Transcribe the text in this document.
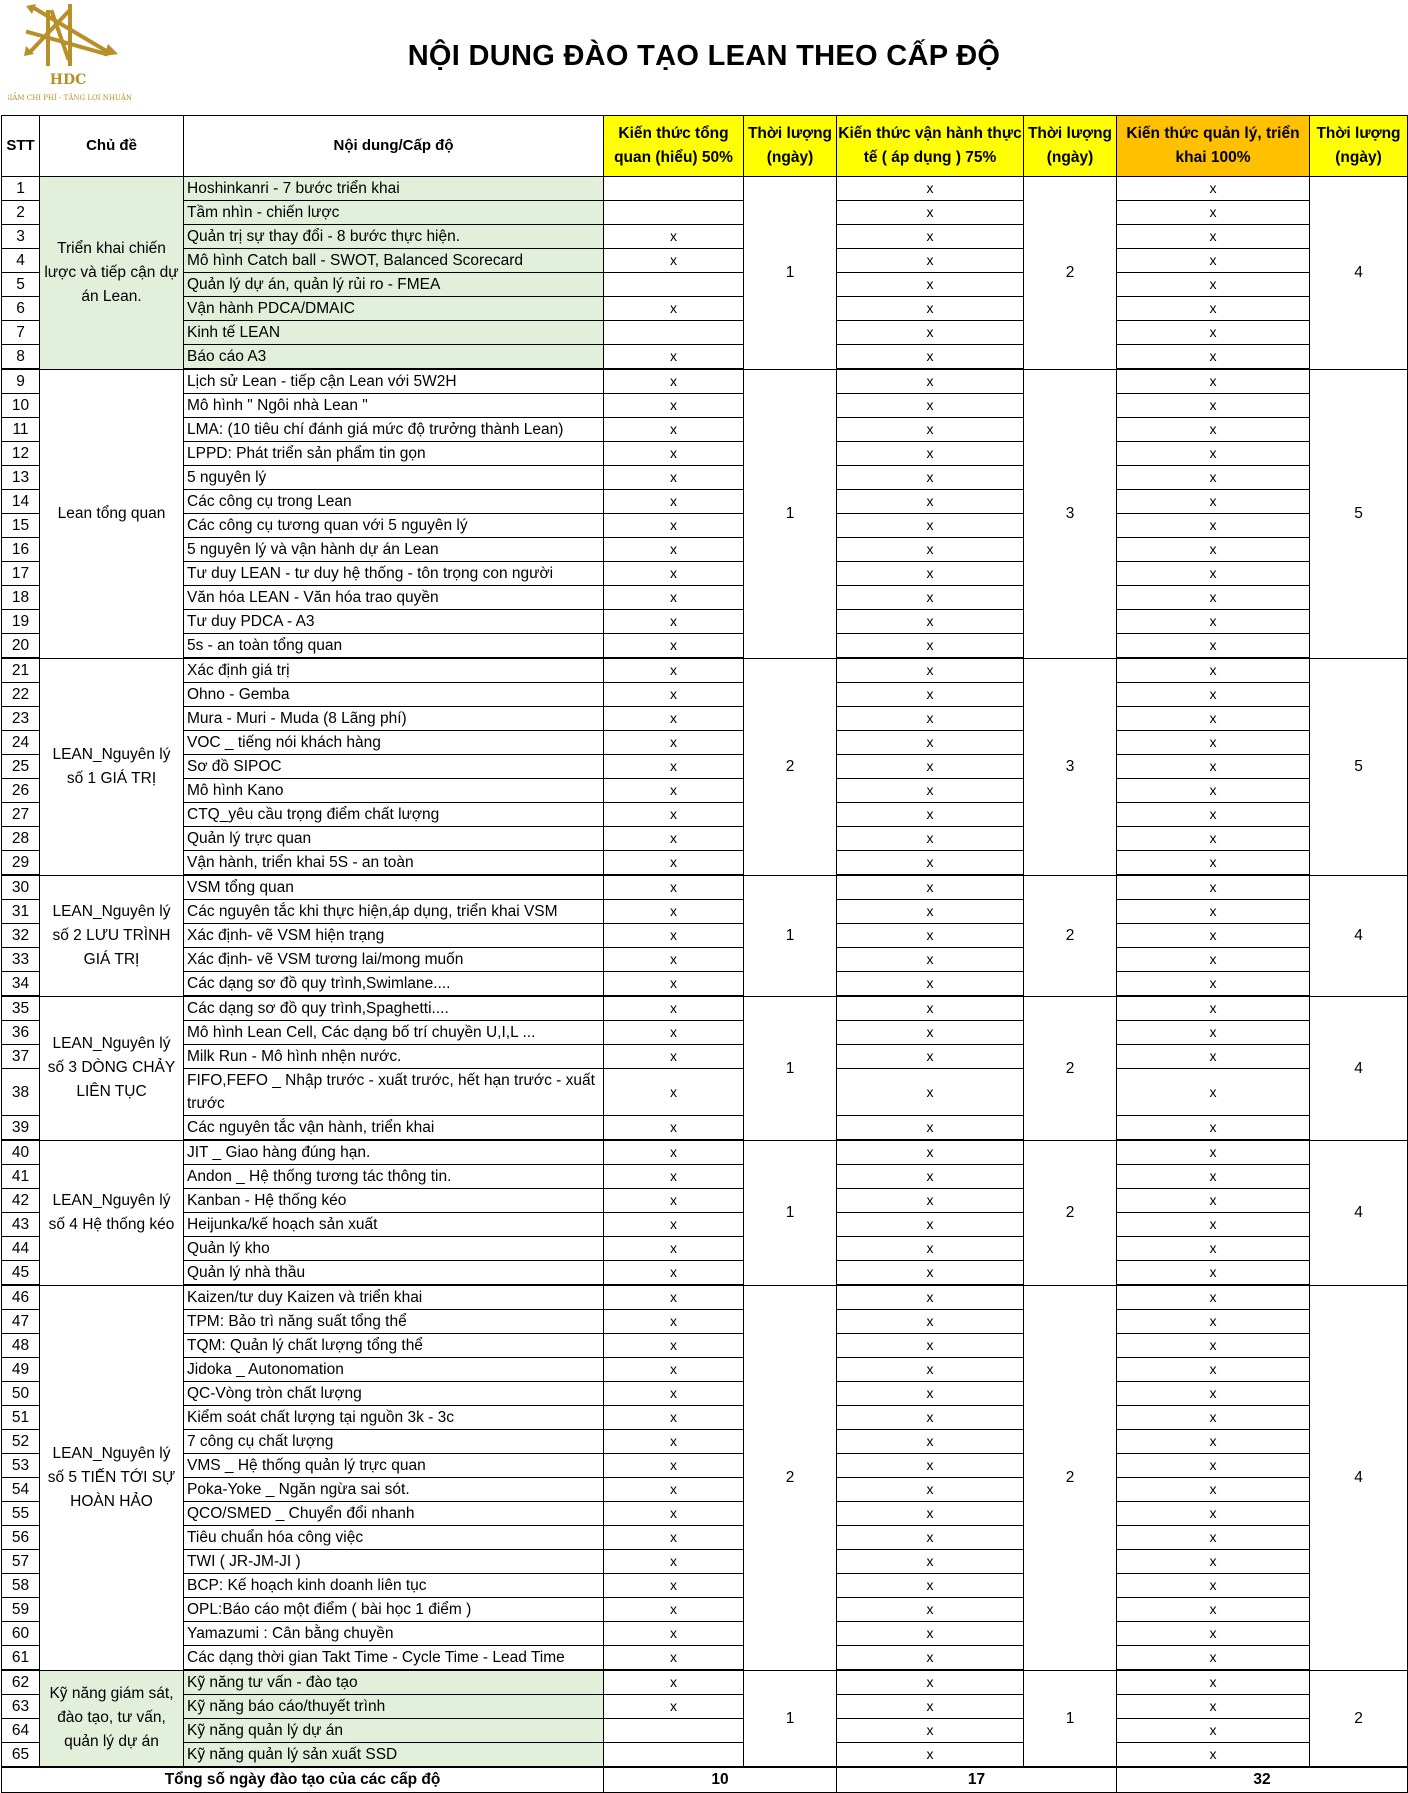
HDC
GIẢM CHI PHÍ - TĂNG LỢI NHUẬN
NỘI DUNG ĐÀO TẠO LEAN THEO CẤP ĐỘ
STT	Chủ đề	Nội dung/Cấp độ	Kiến thức tổng quan (hiểu) 50%	Thời lượng (ngày)	Kiến thức vận hành thực tế ( áp dụng ) 75%	Thời lượng (ngày)	Kiến thức quản lý, triển khai 100%	Thời lượng (ngày)
1	Triển khai chiến lược và tiếp cận dự án Lean.	Hoshinkanri - 7 bước triển khai		1	x	2	x	4
2		Tầm nhìn - chiến lược			x		x	
3		Quản trị sự thay đổi - 8 bước thực hiện.	x		x		x	
4		Mô hình Catch ball - SWOT, Balanced Scorecard	x		x		x	
5		Quản lý dự án, quản lý rủi ro - FMEA			x		x	
6		Vận hành PDCA/DMAIC	x		x		x	
7		Kinh tế LEAN			x		x	
8		Báo cáo A3	x		x		x	
9	Lean tổng quan	Lịch sử Lean - tiếp cận Lean với 5W2H	x	1	x	3	x	5
10		Mô hình " Ngôi nhà Lean "	x		x		x	
11		LMA: (10 tiêu chí đánh giá mức độ trưởng thành Lean)	x		x		x	
12		LPPD: Phát triển sản phẩm tin gọn	x		x		x	
13		5 nguyên lý	x		x		x	
14		Các công cụ trong Lean	x		x		x	
15		Các công cụ tương quan với 5 nguyên lý	x		x		x	
16		5 nguyên lý và vận hành dự án Lean	x		x		x	
17		Tư duy LEAN - tư duy hệ thống - tôn trọng con người	x		x		x	
18		Văn hóa LEAN - Văn hóa trao quyền	x		x		x	
19		Tư duy PDCA - A3	x		x		x	
20		5s - an toàn tổng quan	x		x		x	
21	LEAN_Nguyên lý số 1 GIÁ TRỊ	Xác định giá trị	x	2	x	3	x	5
22		Ohno - Gemba	x		x		x	
23		Mura - Muri - Muda (8 Lãng phí)	x		x		x	
24		VOC _ tiếng nói khách hàng	x		x		x	
25		Sơ đồ SIPOC	x		x		x	
26		Mô hình Kano	x		x		x	
27		CTQ_yêu cầu trọng điểm chất lượng	x		x		x	
28		Quản lý trực quan	x		x		x	
29		Vận hành, triển khai 5S - an toàn	x		x		x	
30	LEAN_Nguyên lý số 2 LƯU TRÌNH GIÁ TRỊ	VSM tổng quan	x	1	x	2	x	4
31		Các nguyên tắc khi thực hiện,áp dụng, triển khai VSM	x		x		x	
32		Xác định- vẽ VSM hiện trạng	x		x		x	
33		Xác định- vẽ VSM tương lai/mong muốn	x		x		x	
34		Các dạng sơ đồ quy trình,Swimlane....	x		x		x	
35	LEAN_Nguyên lý số 3 DÒNG CHẢY LIÊN TỤC	Các dạng sơ đồ quy trình,Spaghetti....	x	1	x	2	x	4
36		Mô hình Lean Cell, Các dạng bố trí chuyền U,I,L ...	x		x		x	
37		Milk Run - Mô hình nhện nước.	x		x		x	
38		FIFO,FEFO _ Nhập trước - xuất trước, hết hạn trước - xuất trước	x		x		x	
39		Các nguyên tắc vận hành, triển khai	x		x		x	
40	LEAN_Nguyên lý số 4 Hệ thống kéo	JIT _ Giao hàng đúng hạn.	x	1	x	2	x	4
41		Andon _ Hệ thống tương tác thông tin.	x		x		x	
42		Kanban - Hệ thống kéo	x		x		x	
43		Heijunka/kế hoạch sản xuất	x		x		x	
44		Quản lý kho	x		x		x	
45		Quản lý nhà thầu	x		x		x	
46	LEAN_Nguyên lý số 5 TIẾN TỚI SỰ HOÀN HẢO	Kaizen/tư duy Kaizen và triển khai	x	2	x	2	x	4
47		TPM: Bảo trì năng suất tổng thể	x		x		x	
48		TQM: Quản lý chất lượng tổng thể	x		x		x	
49		Jidoka _ Autonomation	x		x		x	
50		QC-Vòng tròn chất lượng	x		x		x	
51		Kiểm soát chất lượng tại nguồn 3k - 3c	x		x		x	
52		7 công cụ chất lượng	x		x		x	
53		VMS _ Hệ thống quản lý trực quan	x		x		x	
54		Poka-Yoke _ Ngăn ngừa sai sót.	x		x		x	
55		QCO/SMED _ Chuyển đổi nhanh	x		x		x	
56		Tiêu chuẩn hóa công việc	x		x		x	
57		TWI ( JR-JM-JI )	x		x		x	
58		BCP: Kế hoạch kinh doanh liên tục	x		x		x	
59		OPL:Báo cáo một điểm ( bài học 1 điểm )	x		x		x	
60		Yamazumi : Cân bằng chuyền	x		x		x	
61		Các dạng thời gian Takt Time - Cycle Time - Lead Time	x		x		x	
62	Kỹ năng giám sát, đào tạo, tư vấn, quản lý dự án	Kỹ năng tư vấn - đào tạo	x	1	x	1	x	2
63		Kỹ năng báo cáo/thuyết trình	x		x		x	
64		Kỹ năng quản lý dự án			x		x	
65		Kỹ năng quản lý sản xuất SSD			x		x	
Tổng số ngày đào tạo của các cấp độ			10		17		32	
